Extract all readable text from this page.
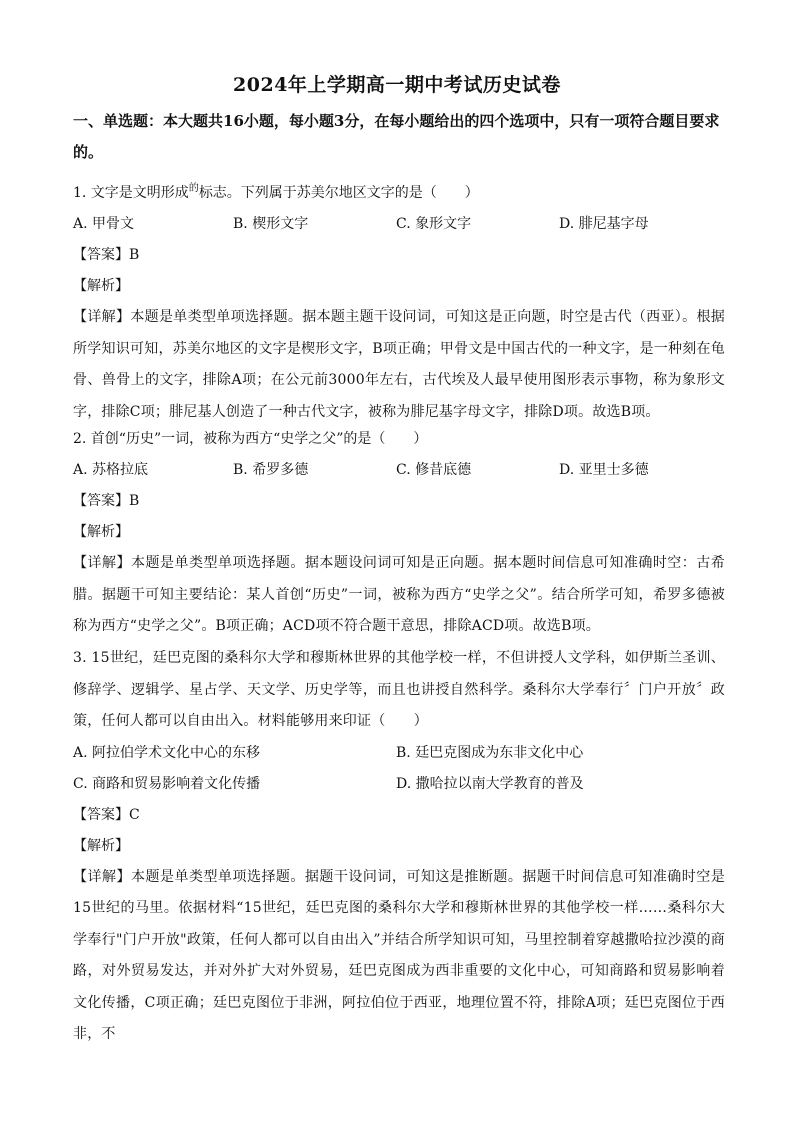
2024年上学期高一期中考试历史试卷
一、单选题：本大题共16小题，每小题3分，在每小题给出的四个选项中，只有一项符合题目要求的。
1. 文字是文明形成$^的$标志。下列属于苏美尔地区文字的是（　　）
A. 甲骨文	B. 楔形文字	C. 象形文字	D. 腓尼基字母
【答案】B
【解析】
【详解】本题是单类型单项选择题。据本题主题干设问词，可知这是正向题，时空是古代（西亚）。根据所学知识可知，苏美尔地区的文字是楔形文字，B项正确；甲骨文是中国古代的一种文字，是一种刻在龟骨、兽骨上的文字，排除A项；在公元前3000年左右，古代埃及人最早使用图形表示事物，称为象形文字，排除C项；腓尼基人创造了一种古代文字，被称为腓尼基字母文字，排除D项。故选B项。
2. 首创“历史”一词，被称为西方“史学之父”的是（　　）
A. 苏格拉底	B. 希罗多德	C. 修昔底德	D. 亚里士多德
【答案】B
【解析】
【详解】本题是单类型单项选择题。据本题设问词可知是正向题。据本题时间信息可知准确时空：古希腊。据题干可知主要结论：某人首创“历史”一词，被称为西方“史学之父”。结合所学可知，希罗多德被称为西方“史学之父”。B项正确；ACD项不符合题干意思，排除ACD项。故选B项。
3. 15世纪，廷巴克图的桑科尔大学和穆斯林世界的其他学校一样，不但讲授人文学科，如伊斯兰圣训、修辞学、逻辑学、星占学、天文学、历史学等，而且也讲授自然科学。桑科尔大学奉行〞门户开放〞政策，任何人都可以自由出入。材料能够用来印证（　　）
A. 阿拉伯学术文化中心的东移	B. 廷巴克图成为东非文化中心
C. 商路和贸易影响着文化传播	D. 撒哈拉以南大学教育的普及
【答案】C
【解析】
【详解】本题是单类型单项选择题。据题干设问词，可知这是推断题。据题干时间信息可知准确时空是15世纪的马里。依据材料“15世纪，廷巴克图的桑科尔大学和穆斯林世界的其他学校一样……桑科尔大学奉行"门户开放"政策，任何人都可以自由出入”并结合所学知识可知，马里控制着穿越撒哈拉沙漠的商路，对外贸易发达，并对外扩大对外贸易，廷巴克图成为西非重要的文化中心，可知商路和贸易影响着文化传播，C项正确；廷巴克图位于非洲，阿拉伯位于西亚，地理位置不符，排除A项；廷巴克图位于西非，不
